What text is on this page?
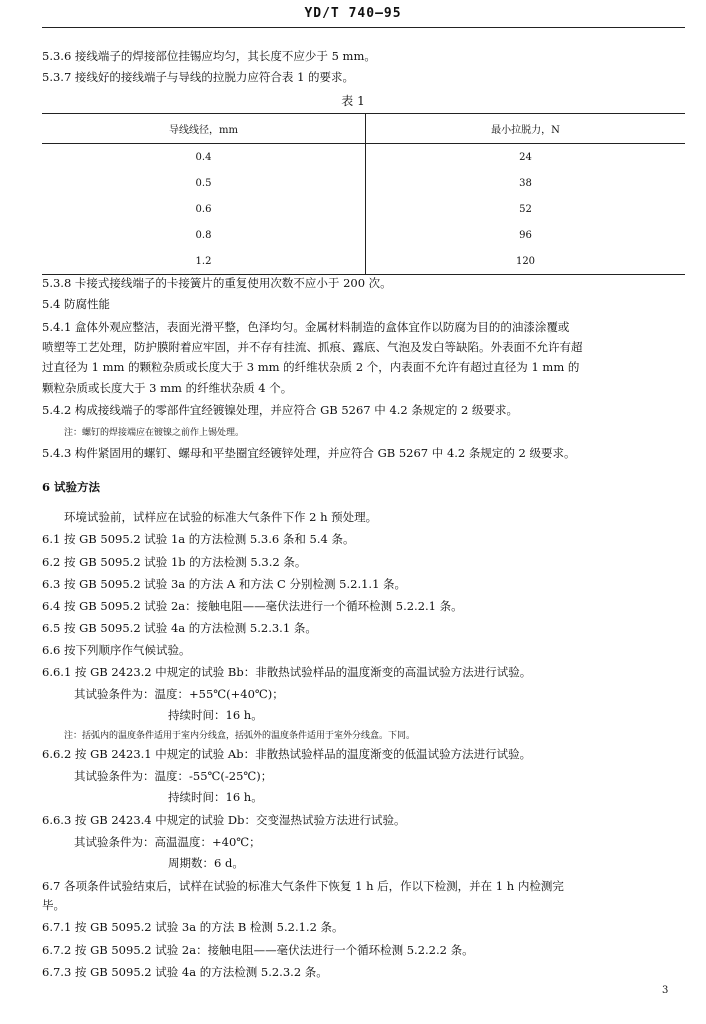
YD/T 740—95
5.3.6 接线端子的焊接部位挂锡应均匀，其长度不应少于 5 mm。
5.3.7 接线好的接线端子与导线的拉脱力应符合表 1 的要求。
表 1
导线线径，mm	最小拉脱力，N
0.4	24
0.5	38
0.6	52
0.8	96
1.2	120
5.3.8 卡接式接线端子的卡接簧片的重复使用次数不应小于 200 次。
5.4 防腐性能
5.4.1 盒体外观应整洁，表面光滑平整，色泽均匀。金属材料制造的盒体宜作以防腐为目的的油漆涂覆或
喷塑等工艺处理，防护膜附着应牢固，并不存有挂流、抓痕、露底、气泡及发白等缺陷。外表面不允许有超
过直径为 1 mm 的颗粒杂质或长度大于 3 mm 的纤维状杂质 2 个，内表面不允许有超过直径为 1 mm 的
颗粒杂质或长度大于 3 mm 的纤维状杂质 4 个。
5.4.2 构成接线端子的零部件宜经镀镍处理，并应符合 GB 5267 中 4.2 条规定的 2 级要求。
注：螺钉的焊接端应在镀镍之前作上锡处理。
5.4.3 构件紧固用的螺钉、螺母和平垫圈宜经镀锌处理，并应符合 GB 5267 中 4.2 条规定的 2 级要求。
6 试验方法
环境试验前，试样应在试验的标准大气条件下作 2 h 预处理。
6.1 按 GB 5095.2 试验 1a 的方法检测 5.3.6 条和 5.4 条。
6.2 按 GB 5095.2 试验 1b 的方法检测 5.3.2 条。
6.3 按 GB 5095.2 试验 3a 的方法 A 和方法 C 分别检测 5.2.1.1 条。
6.4 按 GB 5095.2 试验 2a：接触电阻——毫伏法进行一个循环检测 5.2.2.1 条。
6.5 按 GB 5095.2 试验 4a 的方法检测 5.2.3.1 条。
6.6 按下列顺序作气候试验。
6.6.1 按 GB 2423.2 中规定的试验 Bb：非散热试验样品的温度渐变的高温试验方法进行试验。
其试验条件为：温度：+55℃(+40℃)；
持续时间：16 h。
注：括弧内的温度条件适用于室内分线盒，括弧外的温度条件适用于室外分线盒。下同。
6.6.2 按 GB 2423.1 中规定的试验 Ab：非散热试验样品的温度渐变的低温试验方法进行试验。
其试验条件为：温度：-55℃(-25℃)；
持续时间：16 h。
6.6.3 按 GB 2423.4 中规定的试验 Db：交变湿热试验方法进行试验。
其试验条件为：高温温度：+40℃；
周期数：6 d。
6.7 各项条件试验结束后，试样在试验的标准大气条件下恢复 1 h 后，作以下检测，并在 1 h 内检测完
毕。
6.7.1 按 GB 5095.2 试验 3a 的方法 B 检测 5.2.1.2 条。
6.7.2 按 GB 5095.2 试验 2a：接触电阻——毫伏法进行一个循环检测 5.2.2.2 条。
6.7.3 按 GB 5095.2 试验 4a 的方法检测 5.2.3.2 条。
3
